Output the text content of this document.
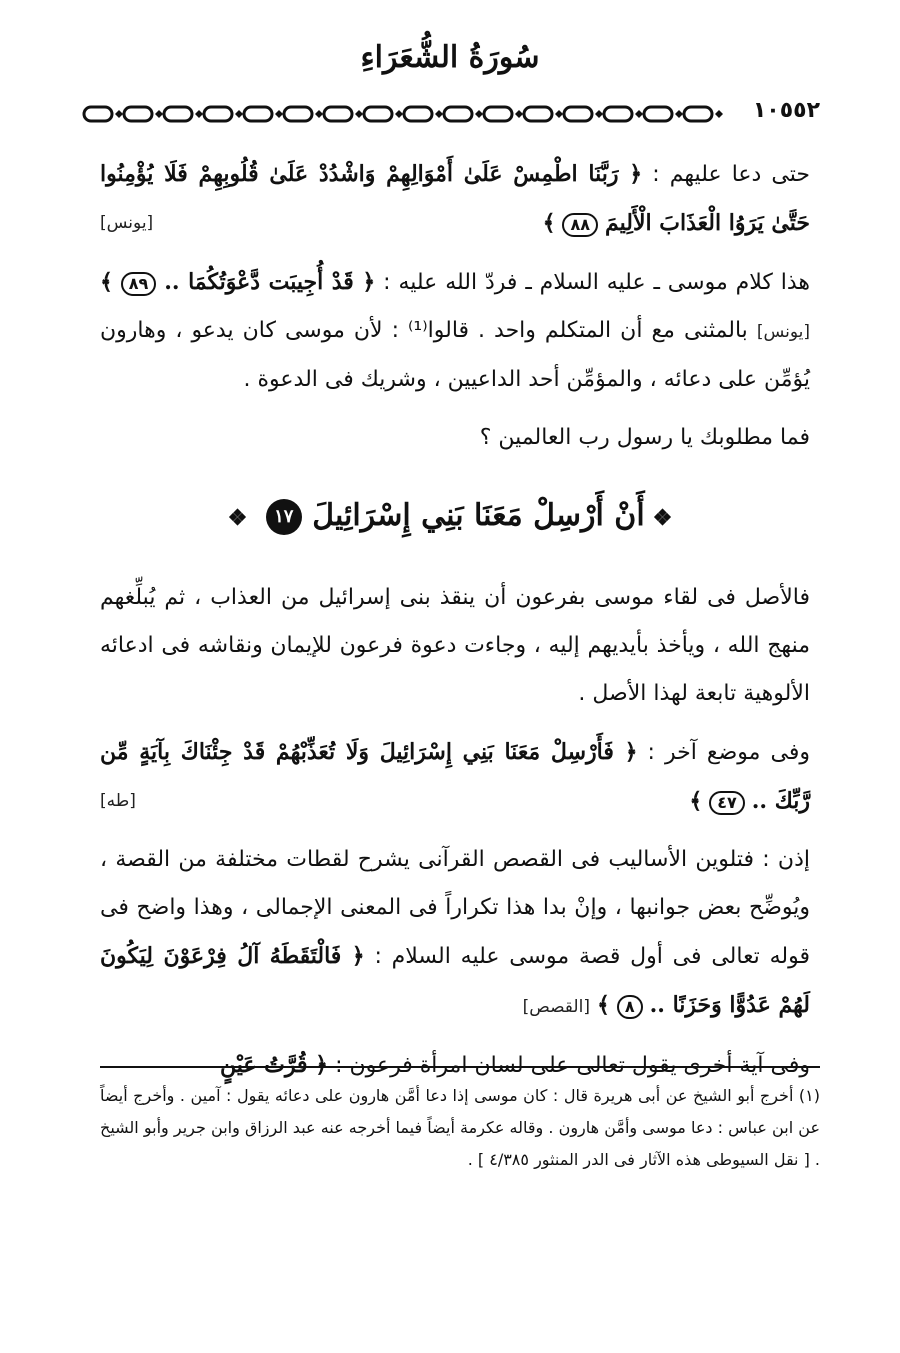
سُورَةُ الشُّعَرَاءِ
١٠٥٥٢

حتى دعا عليهم : ﴿ رَبَّنَا اطْمِسْ عَلَىٰ أَمْوَالِهِمْ وَاشْدُدْ عَلَىٰ قُلُوبِهِمْ فَلَا يُؤْمِنُوا حَتَّىٰ يَرَوُا الْعَذَابَ الْأَلِيمَ ٨٨ ﴾
[يونس]

هذا كلام موسى ـ عليه السلام ـ فردّ الله عليه : ﴿ قَدْ أُجِيبَت دَّعْوَتُكُمَا .. ٨٩ ﴾ [يونس] بالمثنى مع أن المتكلم واحد . قالوا⁽¹⁾ : لأن موسى كان يدعو ، وهارون يُؤمِّن على دعائه ، والمؤمِّن أحد الداعيين ، وشريك فى الدعوة .

فما مطلوبك يا رسول رب العالمين ؟

❖أَنْ أَرْسِلْ مَعَنَا بَنِي إِسْرَائِيلَ ١٧ ❖

فالأصل فى لقاء موسى بفرعون أن ينقذ بنى إسرائيل من العذاب ، ثم يُبلِّغهم منهج الله ، ويأخذ بأيديهم إليه ، وجاءت دعوة فرعون للإيمان ونقاشه فى ادعائه الألوهية تابعة لهذا الأصل .

وفى موضع آخر : ﴿ فَأَرْسِلْ مَعَنَا بَنِي إِسْرَائِيلَ وَلَا تُعَذِّبْهُمْ قَدْ جِئْنَاكَ بِآيَةٍ مِّن رَّبِّكَ .. ٤٧ ﴾
[طه]

إذن : فتلوين الأساليب فى القصص القرآنى يشرح لقطات مختلفة من القصة ، ويُوضِّح بعض جوانبها ، وإنْ بدا هذا تكراراً فى المعنى الإجمالى ، وهذا واضح فى قوله تعالى فى أول قصة موسى عليه السلام : ﴿ فَالْتَقَطَهُ آلُ فِرْعَوْنَ لِيَكُونَ لَهُمْ عَدُوًّا وَحَزَنًا .. ٨ ﴾ [القصص]

وفى آية أخرى يقول تعالى على لسان امرأة فرعون : ﴿ قُرَّتُ عَيْنٍ

(١) أخرج أبو الشيخ عن أبى هريرة قال : كان موسى إذا دعا أمَّن هارون على دعائه يقول : آمين . وأخرج أيضاً عن ابن عباس : دعا موسى وأمَّن هارون . وقاله عكرمة أيضاً فيما أخرجه عنه عبد الرزاق وابن جرير وأبو الشيخ . [ نقل السيوطى هذه الآثار فى الدر المنثور ٤/٣٨٥ ] .
